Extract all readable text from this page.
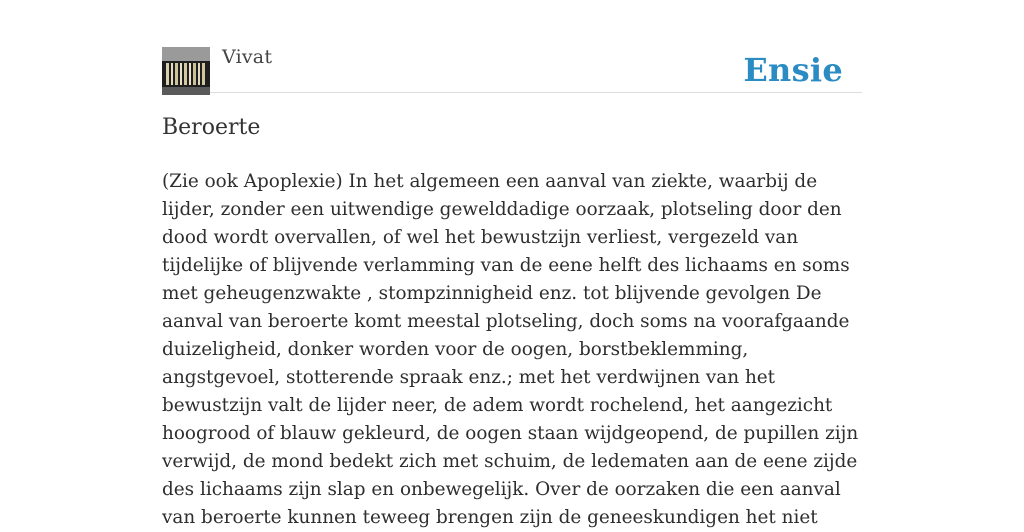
Vivat	Ensie
Beroerte

(Zie ook Apoplexie) In het algemeen een aanval van ziekte, waarbij de lijder, zonder een uitwendige gewelddadige oorzaak, plotseling door den dood wordt overvallen, of wel het bewustzijn verliest, vergezeld van tijdelijke of blijvende verlamming van de eene helft des lichaams en soms met geheugenzwakte , stompzinnigheid enz. tot blijvende gevolgen De aanval van beroerte komt meestal plotseling, doch soms na voorafgaande duizeligheid, donker worden voor de oogen, borstbeklemming, angstgevoel, stotterende spraak enz.; met het verdwijnen van het bewustzijn valt de lijder neer, de adem wordt rochelend, het aangezicht hoogrood of blauw gekleurd, de oogen staan wijdgeopend, de pupillen zijn verwijd, de mond bedekt zich met schuim, de ledematen aan de eene zijde des lichaams zijn slap en onbewegelijk. Over de oorzaken die een aanval van beroerte kunnen teweeg brengen zijn de geneeskundigen het niet
